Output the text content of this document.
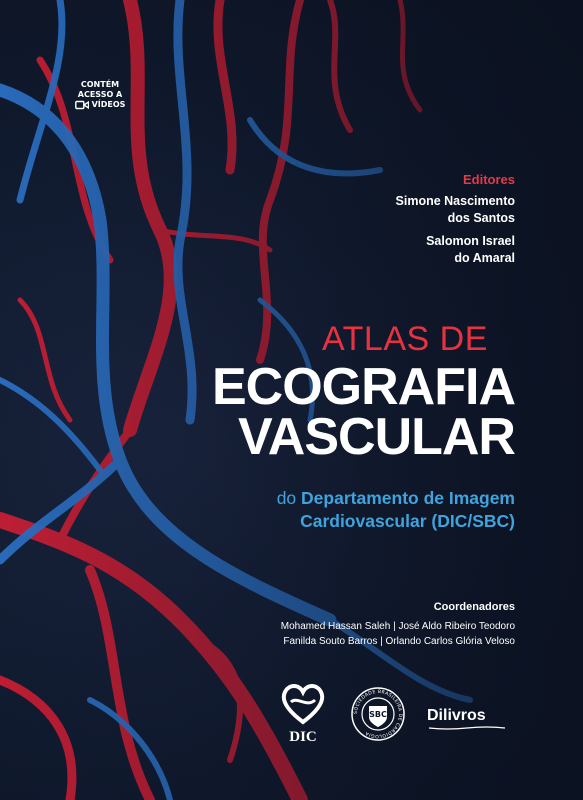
CONTÉM
ACESSO A
VÍDEOS
Editores
Simone Nascimento
dos Santos
Salomon Israel
do Amaral
ATLAS DE
ECOGRAFIA
VASCULAR
do Departamento de Imagem
Cardiovascular (DIC/SBC)
Coordenadores
Mohamed Hassan Saleh | José Aldo Ribeiro Teodoro
Fanilda Souto Barros | Orlando Carlos Glória Veloso
DIC
SOCIEDADE BRASILEIRA DE CARDIOLOGIA
SBC	Dilivros
